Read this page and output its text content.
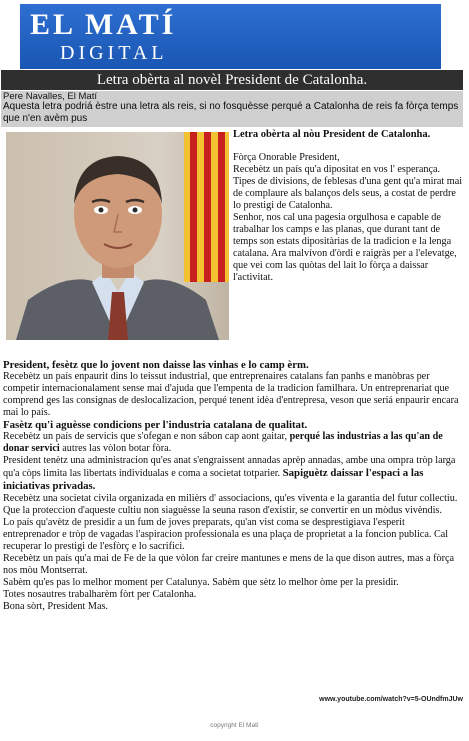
EL MATÍ
DIGITAL
Letra obèrta al novèl President de Catalonha.
Pere Navalles, El Matí
Aquesta letra podriá èstre una letra als reis, si no fosquèsse perqué a Catalonha de reis fa fòrça temps que n'en avèm pus

Letra obèrta al nòu President de Catalonha.

Fòrça Onorable President,

Recebètz un país qu'a dipositat en vos l' esperança.

Tipes de divisions, de feblesas d'una gent qu'a mirat mai de complaure als balanços dels seus, a costat de perdre lo prestigi de Catalonha.

Senhor, nos cal una pagesia orgulhosa e capable de trabalhar los camps e las planas, que durant tant de temps son estats dipositàrias de la tradicion e la lenga catalana. Ara malvívon d'òrdi e raigràs per a l'elevatge, que vei com las quòtas del lait lo fòrça a daissar l'activitat.

President, fesètz que lo jovent non daisse las vinhas e lo camp èrm.

Recebètz un país enpaurit dins lo teissut industrial, que entreprenaires catalans fan panhs e manòbras per competir internacionalament sense mai d'ajuda que l'empenta de la tradicion familhara. Un entreprenariat que comprend ges las consignas de deslocalizacion, perqué tenent idèa d'entrepresa, veson que seriá enpaurir encara mai lo país.

Fasètz qu'i aguèsse condicions per l'industria catalana de qualitat.

Recebètz un país de servicis que s'ofegan e non sábon cap aont gaitar, perqué las industrias a las qu'an de donar servici autres las vòlon botar fòra.

President tenètz una administracion qu'es anat s'engraissent annadas aprèp annadas, ambe una ompra tròp larga qu'a còps limita las libertats individualas e coma a societat totparier. Sapiguètz daissar l'espaci a las iniciativas privadas.

Recebètz una societat civila organizada en milièrs d' associacions, qu'es viventa e la garantia del futur collectiu. Que la proteccion d'aqueste cultiu non siaguèsse la seuna rason d'existir, se convertir en un mòdus vivèndis.

Lo país qu'avètz de presidir a un fum de joves preparats, qu'an vist coma se desprestigiava l'esperit entreprenador e tròp de vagadas l'aspiracion professionala es una plaça de proprietat a la foncion publica. Cal recuperar lo prestigi de l'esfòrç e lo sacrifici.

Recebètz un país qu'a mai de Fe de la que vòlon far creire mantunes e mens de la que dison autres, mas a fòrça nos mòu Montserrat.

Sabèm qu'es pas lo melhor moment per Catalunya. Sabèm que sètz lo melhor òme per la presidir.

Totes nosautres trabalharèm fòrt per Catalonha.

Bona sòrt, President Mas.

www.youtube.com/watch?v=5-OUndfmJUw
copyright El Matí
